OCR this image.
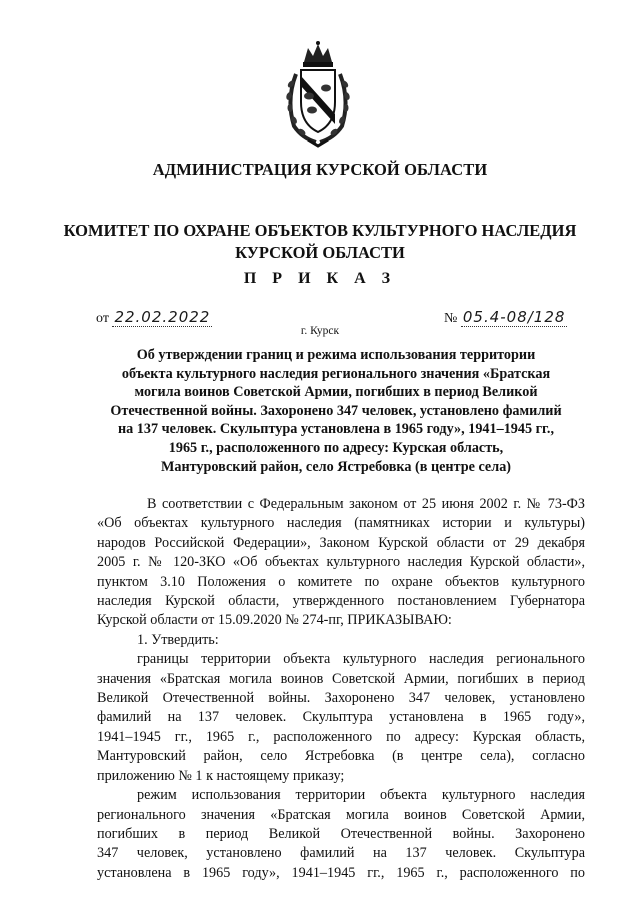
АДМИНИСТРАЦИЯ КУРСКОЙ ОБЛАСТИ
КОМИТЕТ ПО ОХРАНЕ ОБЪЕКТОВ КУЛЬТУРНОГО НАСЛЕДИЯ
КУРСКОЙ ОБЛАСТИ
П Р И К А З
от 22.02.2022	№ 05.4-08/128
г. Курск
Об утверждении границ и режима использования территории
объекта культурного наследия регионального значения «Братская
могила воинов Советской Армии, погибших в период Великой
Отечественной войны. Захоронено 347 человек, установлено фамилий
на 137 человек. Скульптура установлена в 1965 году», 1941–1945 гг.,
1965 г., расположенного по адресу: Курская область,
Мантуровский район, село Ястребовка (в центре села)
В соответствии с Федеральным законом от 25 июня 2002 г. № 73-ФЗ
«Об объектах культурного наследия (памятниках истории и культуры)
народов Российской Федерации», Законом Курской области от 29 декабря
2005 г. № 120-ЗКО «Об объектах культурного наследия Курской области»,
пунктом 3.10 Положения о комитете по охране объектов культурного
наследия Курской области, утвержденного постановлением Губернатора
Курской области от 15.09.2020 № 274-пг, ПРИКАЗЫВАЮ:
1. Утвердить:
границы территории объекта культурного наследия регионального
значения «Братская могила воинов Советской Армии, погибших в период
Великой Отечественной войны. Захоронено 347 человек, установлено
фамилий на 137 человек. Скульптура установлена в 1965 году»,
1941–1945 гг., 1965 г., расположенного по адресу: Курская область,
Мантуровский район, село Ястребовка (в центре села), согласно
приложению № 1 к настоящему приказу;
режим использования территории объекта культурного наследия
регионального значения «Братская могила воинов Советской Армии,
погибших в период Великой Отечественной войны. Захоронено
347 человек, установлено фамилий на 137 человек. Скульптура
установлена в 1965 году», 1941–1945 гг., 1965 г., расположенного по
